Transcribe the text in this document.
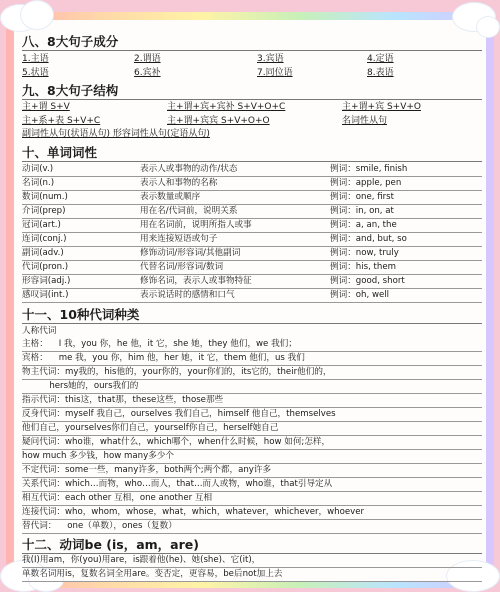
八、8大句子成分
1.主语	2.谓语	3.宾语	4.定语
5.状语	6.宾补	7.同位语	8.表语
九、8大句子结构
主+谓 S+V	主+谓+宾+宾补 S+V+O+C	主+谓+宾 S+V+O
主+系+表 S+V+C	主+谓+宾宾 S+V+O+O	名词性从句
副词性从句(状语从句) 形容词性从句(定语从句)
十、单词词性
动词(v.)	表示人或事物的动作/状态	例词：smile, finish
名词(n.)	表示人和事物的名称	例词：apple, pen
数词(num.)	表示数量或顺序	例词：one, first
介词(prep)	用在名/代词前，说明关系	例词：in, on, at
冠词(art.)	用在名词前，说明所指人或事	例词：a, an, the
连词(conj.)	用来连接短语或句子	例词：and, but, so
副词(adv.)	修饰动词/形容词/其他副词	例词：now, truly
代词(pron.)	代替名词/形容词/数词	例词：his, them
形容词(adj.)	修饰名词，表示人或事物特征	例词：good, short
感叹词(int.)	表示说话时的感情和口气	例词：oh, well
十一、10种代词种类
人称代词
主格：    I 我，you 你，he 他，it 它，she 她，they 他们，we 我们；
宾格：    me 我，you 你，him 他，her 她，it 它，them 他们，us 我们
物主代词：my我的，his他的，your你的，your你们的，its它的，their他们的，
hers她的，ours我们的
指示代词：this这，that那，these这些，those那些
反身代词：myself 我自己，ourselves 我们自己，himself 他自己，themselves
他们自己，yourselves你们自己，yourself你自己，herself她自己
疑问代词：who谁，what什么，which哪个，when什么时候，how 如何;怎样，
how much 多少钱，how many多少个
不定代词：some一些，many许多，both两个;两个都，any许多
关系代词：which…而物，who…而人，that…而人或物，who谁，that引导定从
相互代词：each other 互相，one another 互相
连接代词：who，whom，whose，what，which，whatever，whichever，whoever
替代词：    one（单数），ones（复数）
十二、动词be (is，am，are)
我(I)用am，你(you)用are，is跟着他(he)、她(she)、它(it)，
单数名词用is，复数名词全用are。变否定，更容易，be后not加上去
